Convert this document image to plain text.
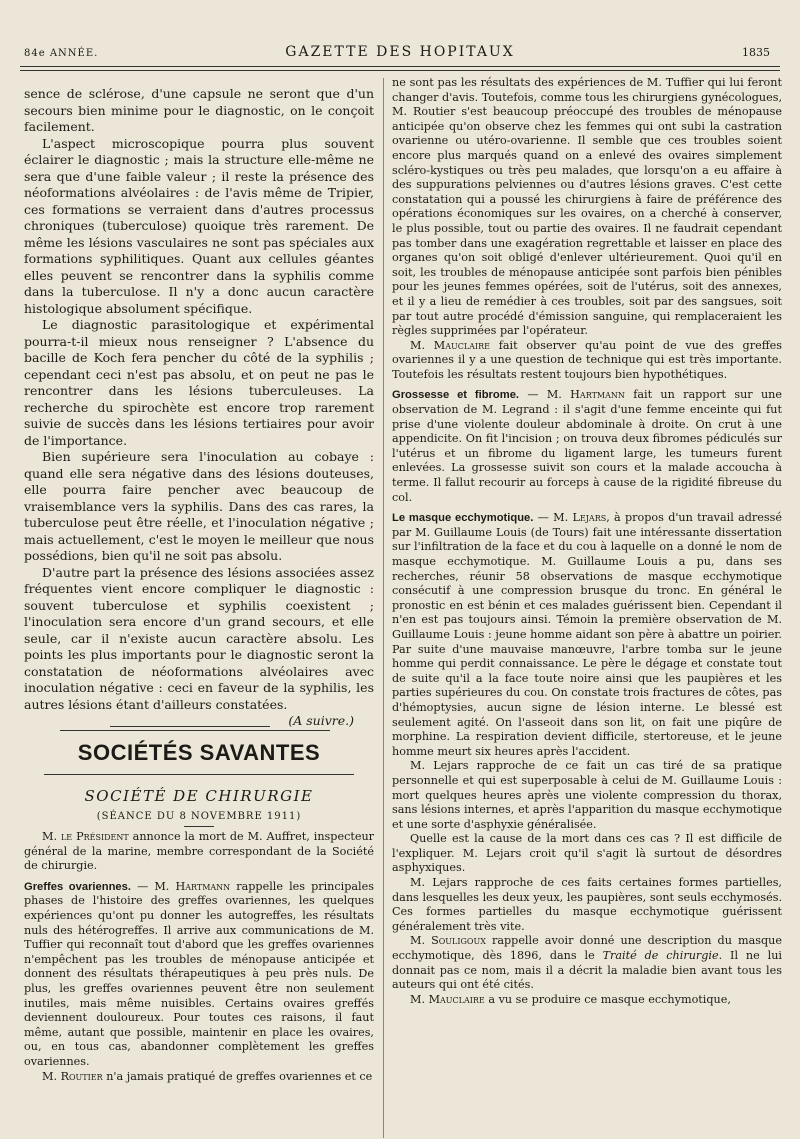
84e ANNÉE.	GAZETTE DES HOPITAUX	1835

sence de sclérose, d'une capsule ne seront que d'un secours bien minime pour le diagnostic, on le conçoit facilement.

L'aspect microscopique pourra plus souvent éclairer le diagnostic ; mais la structure elle-même ne sera que d'une faible valeur ; il reste la présence des néoformations alvéolaires : de l'avis même de Tripier, ces formations se verraient dans d'autres processus chroniques (tuberculose) quoique très rarement. De même les lésions vasculaires ne sont pas spéciales aux formations syphilitiques. Quant aux cellules géantes elles peuvent se rencontrer dans la syphilis comme dans la tuberculose. Il n'y a donc aucun caractère histologique absolument spécifique.

Le diagnostic parasitologique et expérimental pourra-t-il mieux nous renseigner ? L'absence du bacille de Koch fera pencher du côté de la syphilis ; cependant ceci n'est pas absolu, et on peut ne pas le rencontrer dans les lésions tuberculeuses. La recherche du spirochète est encore trop rarement suivie de succès dans les lésions tertiaires pour avoir de l'importance.

Bien supérieure sera l'inoculation au cobaye : quand elle sera négative dans des lésions douteuses, elle pourra faire pencher avec beaucoup de vraisemblance vers la syphilis. Dans des cas rares, la tuberculose peut être réelle, et l'inoculation négative ; mais actuellement, c'est le moyen le meilleur que nous possédions, bien qu'il ne soit pas absolu.

D'autre part la présence des lésions associées assez fréquentes vient encore compliquer le diagnostic : souvent tuberculose et syphilis coexistent ; l'inoculation sera encore d'un grand secours, et elle seule, car il n'existe aucun caractère absolu. Les points les plus importants pour le diagnostic seront la constatation de néoformations alvéolaires avec inoculation négative : ceci en faveur de la syphilis, les autres lésions étant d'ailleurs constatées.

(A suivre.)

SOCIÉTÉS SAVANTES
SOCIÉTÉ DE CHIRURGIE
(SÉANCE DU 8 NOVEMBRE 1911)

M. le Président annonce la mort de M. Auffret, inspecteur général de la marine, membre correspondant de la Société de chirurgie.

Greffes ovariennes. — M. Hartmann rappelle les principales phases de l'histoire des greffes ovariennes, les quelques expériences qu'ont pu donner les autogreffes, les résultats nuls des hétérogreffes. Il arrive aux communications de M. Tuffier qui reconnaît tout d'abord que les greffes ovariennes n'empêchent pas les troubles de ménopause anticipée et donnent des résultats thérapeutiques à peu près nuls. De plus, les greffes ovariennes peuvent être non seulement inutiles, mais même nuisibles. Certains ovaires greffés deviennent douloureux. Pour toutes ces raisons, il faut même, autant que possible, maintenir en place les ovaires, ou, en tous cas, abandonner complètement les greffes ovariennes.

M. Routier n'a jamais pratiqué de greffes ovariennes et ce

ne sont pas les résultats des expériences de M. Tuffier qui lui feront changer d'avis. Toutefois, comme tous les chirurgiens gynécologues, M. Routier s'est beaucoup préoccupé des troubles de ménopause anticipée qu'on observe chez les femmes qui ont subi la castration ovarienne ou utéro-ovarienne. Il semble que ces troubles soient encore plus marqués quand on a enlevé des ovaires simplement scléro-kystiques ou très peu malades, que lorsqu'on a eu affaire à des suppurations pelviennes ou d'autres lésions graves. C'est cette constatation qui a poussé les chirurgiens à faire de préférence des opérations économiques sur les ovaires, on a cherché à conserver, le plus possible, tout ou partie des ovaires. Il ne faudrait cependant pas tomber dans une exagération regrettable et laisser en place des organes qu'on soit obligé d'enlever ultérieurement. Quoi qu'il en soit, les troubles de ménopause anticipée sont parfois bien pénibles pour les jeunes femmes opérées, soit de l'utérus, soit des annexes, et il y a lieu de remédier à ces troubles, soit par des sangsues, soit par tout autre procédé d'émission sanguine, qui remplaceraient les règles supprimées par l'opérateur.

M. Mauclaire fait observer qu'au point de vue des greffes ovariennes il y a une question de technique qui est très importante. Toutefois les résultats restent toujours bien hypothétiques.

Grossesse et fibrome. — M. Hartmann fait un rapport sur une observation de M. Legrand : il s'agit d'une femme enceinte qui fut prise d'une violente douleur abdominale à droite. On crut à une appendicite. On fit l'incision ; on trouva deux fibromes pédiculés sur l'utérus et un fibrome du ligament large, les tumeurs furent enlevées. La grossesse suivit son cours et la malade accoucha à terme. Il fallut recourir au forceps à cause de la rigidité fibreuse du col.

Le masque ecchymotique. — M. Lejars, à propos d'un travail adressé par M. Guillaume Louis (de Tours) fait une intéressante dissertation sur l'infiltration de la face et du cou à laquelle on a donné le nom de masque ecchymotique. M. Guillaume Louis a pu, dans ses recherches, réunir 58 observations de masque ecchymotique consécutif à une compression brusque du tronc. En général le pronostic en est bénin et ces malades guérissent bien. Cependant il n'en est pas toujours ainsi. Témoin la première observation de M. Guillaume Louis : jeune homme aidant son père à abattre un poirier. Par suite d'une mauvaise manœuvre, l'arbre tomba sur le jeune homme qui perdit connaissance. Le père le dégage et constate tout de suite qu'il a la face toute noire ainsi que les paupières et les parties supérieures du cou. On constate trois fractures de côtes, pas d'hémoptysies, aucun signe de lésion interne. Le blessé est seulement agité. On l'asseoit dans son lit, on fait une piqûre de morphine. La respiration devient difficile, stertoreuse, et le jeune homme meurt six heures après l'accident.

M. Lejars rapproche de ce fait un cas tiré de sa pratique personnelle et qui est superposable à celui de M. Guillaume Louis : mort quelques heures après une violente compression du thorax, sans lésions internes, et après l'apparition du masque ecchymotique et une sorte d'asphyxie généralisée.

Quelle est la cause de la mort dans ces cas ? Il est difficile de l'expliquer. M. Lejars croit qu'il s'agit là surtout de désordres asphyxiques.

M. Lejars rapproche de ces faits certaines formes partielles, dans lesquelles les deux yeux, les paupières, sont seuls ecchymosés. Ces formes partielles du masque ecchymotique guérissent généralement très vite.

M. Souligoux rappelle avoir donné une description du masque ecchymotique, dès 1896, dans le Traité de chirurgie. Il ne lui donnait pas ce nom, mais il a décrit la maladie bien avant tous les auteurs qui ont été cités.

M. Mauclaire a vu se produire ce masque ecchymotique,
